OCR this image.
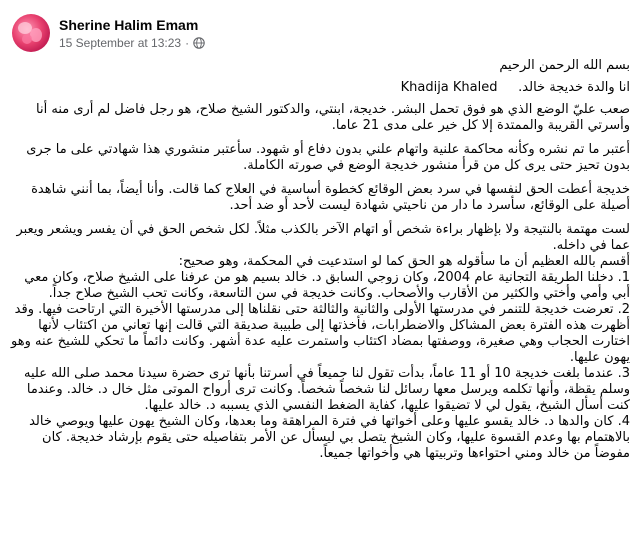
Sherine Halim Emam
15 September at 13:23 ·

بسم الله الرحمن الرحيم

انا والدة خديجة خالد.     Khadija Khaled

صعب عليّ الوضع الذي هو فوق تحمل البشر. خديجة، ابنتي، والدكتور الشيخ صلاح، هو رجل فاضل لم أرى منه أنا وأسرتي القريبة والممتدة إلا كل خير على مدى 21 عاما.

أعتبر ما تم نشره وكأنه محاكمة علنية واتهام علني بدون دفاع أو شهود. سأعتبر منشوري هذا شهادتي على ما جرى بدون تحيز حتى يرى كل من قرأ منشور خديجة الوضع في صورته الكاملة.

خديجة أعطت الحق لنفسها في سرد بعض الوقائع كخطوة أساسية في العلاج كما قالت. وأنا أيضاً، بما أنني شاهدة أصيلة على الوقائع، سأسرد ما دار من ناحيتي شهادة ليست لأحد أو ضد أحد.

لست مهتمة بالنتيجة ولا بإظهار براءة شخص أو اتهام الآخر بالكذب مثلاً. لكل شخص الحق في أن يفسر ويشعر ويعبر عما في داخله.

أقسم بالله العظيم أن ما سأقوله هو الحق كما لو استدعيت في المحكمة، وهو صحيح:

1. دخلنا الطريقة التجانية عام 2004، وكان زوجي السابق د. خالد بسيم هو من عرفنا على الشيخ صلاح، وكان معي أبي وأمي وأختي والكثير من الأقارب والأصحاب. وكانت خديجة في سن التاسعة، وكانت تحب الشيخ صلاح جداً.

2. تعرضت خديجة للتنمر في مدرستها الأولى والثانية والثالثة حتى نقلناها إلى مدرستها الأخيرة التي ارتاحت فيها. وقد أظهرت هذه الفترة بعض المشاكل والاضطرابات، فأخذتها إلى طبيبة صديقة التي قالت إنها تعاني من اكتئاب لأنها اختارت الحجاب وهي صغيرة، ووصفتها بمضاد اكتئاب واستمرت عليه عدة أشهر. وكانت دائماً ما تحكي للشيخ عنه وهو يهون عليها.

3. عندما بلغت خديجة 10 أو 11 عاماً، بدأت تقول لنا جميعاً في أسرتنا بأنها ترى حضرة سيدنا محمد صلى الله عليه وسلم يقظة، وأنها تكلمه ويرسل معها رسائل لنا شخصاً شخصاً. وكانت ترى أرواح الموتى مثل خال د. خالد. وعندما كنت أسأل الشيخ، يقول لي لا تضيقوا عليها، كفاية الضغط النفسي الذي يسببه د. خالد عليها.

4. كان والدها د. خالد يقسو عليها وعلى أخواتها في فترة المراهقة وما بعدها، وكان الشيخ يهون عليها ويوصي خالد بالاهتمام بها وعدم القسوة عليها، وكان الشيخ يتصل بي ليسأل عن الأمر بتفاصيله حتى يقوم بإرشاد خديجة. كان مفوضاً من خالد ومني احتواءها وتربيتها هي وأخواتها جميعاً.
